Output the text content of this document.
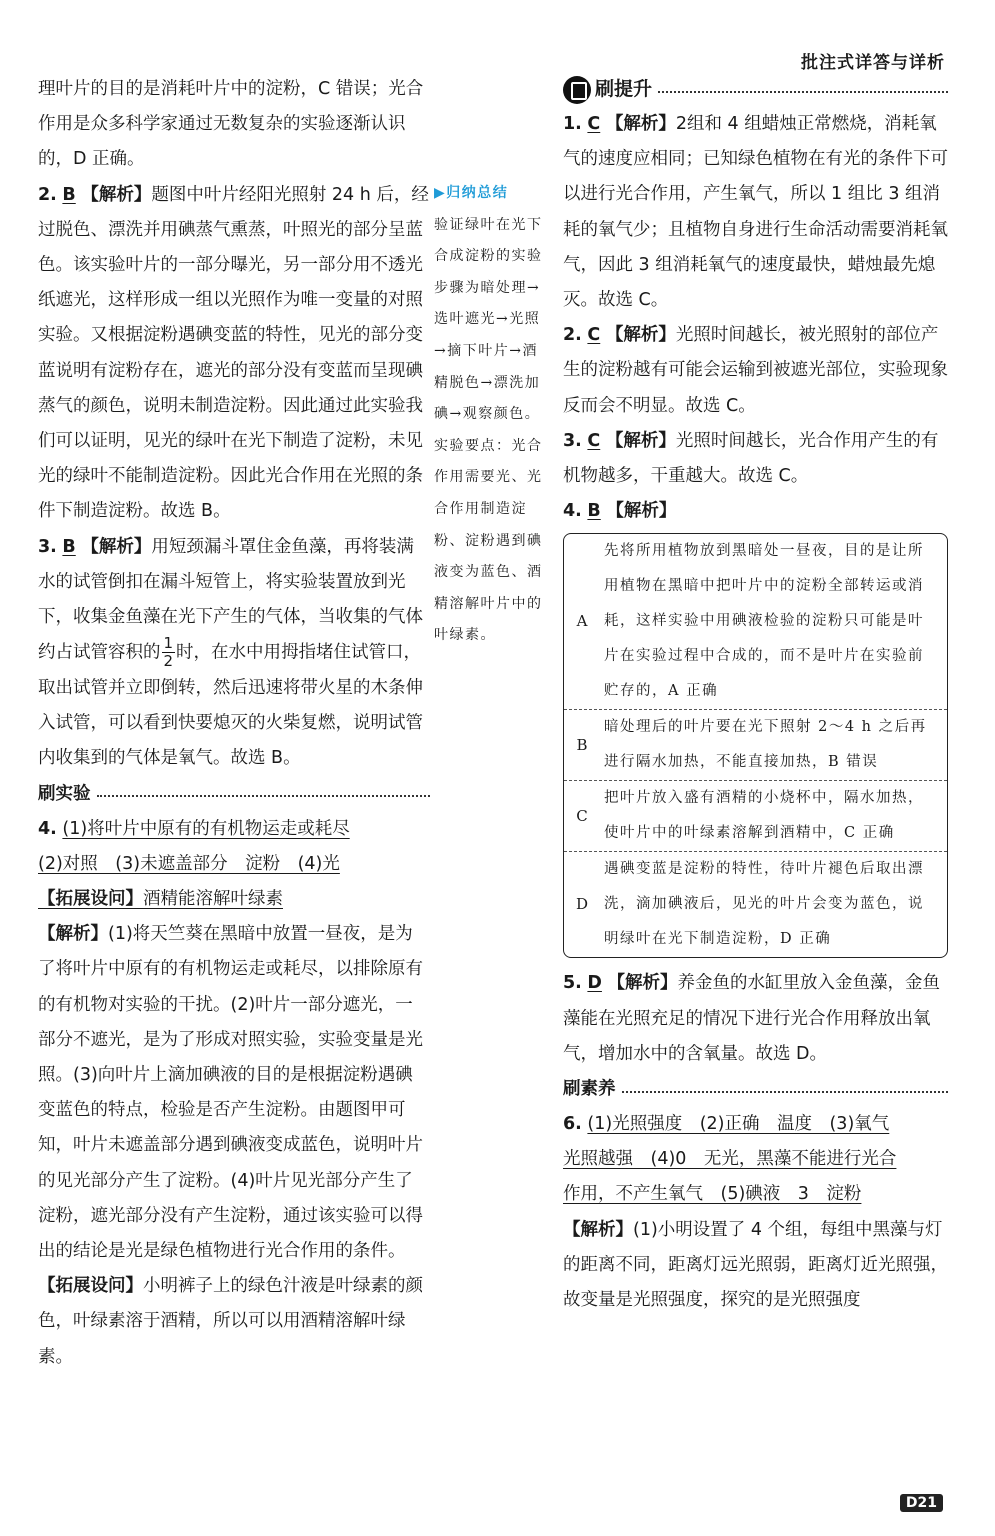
批注式详答与详析

理叶片的目的是消耗叶片中的淀粉，C 错误；光合作用是众多科学家通过无数复杂的实验逐渐认识的，D 正确。

2. B 【解析】题图中叶片经阳光照射 24 h 后，经过脱色、漂洗并用碘蒸气熏蒸，叶照光的部分呈蓝色。该实验叶片的一部分曝光，另一部分用不透光纸遮光，这样形成一组以光照作为唯一变量的对照实验。又根据淀粉遇碘变蓝的特性，见光的部分变蓝说明有淀粉存在，遮光的部分没有变蓝而呈现碘蒸气的颜色，说明未制造淀粉。因此通过此实验我们可以证明，见光的绿叶在光下制造了淀粉，未见光的绿叶不能制造淀粉。因此光合作用在光照的条件下制造淀粉。故选 B。

3. B 【解析】用短颈漏斗罩住金鱼藻，再将装满水的试管倒扣在漏斗短管上，将实验装置放到光下，收集金鱼藻在光下产生的气体，当收集的气体约占试管容积的 $\frac{1}{2}$ 时，在水中用拇指堵住试管口，取出试管并立即倒转，然后迅速将带火星的木条伸入试管，可以看到快要熄灭的火柴复燃，说明试管内收集到的气体是氧气。故选 B。

刷实验

4. (1)将叶片中原有的有机物运走或耗尽
(2)对照　(3)未遮盖部分　淀粉　(4)光
【拓展设问】酒精能溶解叶绿素
【解析】(1)将天竺葵在黑暗中放置一昼夜，是为了将叶片中原有的有机物运走或耗尽，以排除原有的有机物对实验的干扰。(2)叶片一部分遮光，一部分不遮光，是为了形成对照实验，实验变量是光照。(3)向叶片上滴加碘液的目的是根据淀粉遇碘变蓝色的特点，检验是否产生淀粉。由题图甲可知，叶片未遮盖部分遇到碘液变成蓝色，说明叶片的见光部分产生了淀粉。(4)叶片见光部分产生了淀粉，遮光部分没有产生淀粉，通过该实验可以得出的结论是光是绿色植物进行光合作用的条件。【拓展设问】小明裤子上的绿色汁液是叶绿素的颜色，叶绿素溶于酒精，所以可以用酒精溶解叶绿素。

▶归纳总结
验证绿叶在光下合成淀粉的实验步骤为暗处理→选叶遮光→光照→摘下叶片→酒精脱色→漂洗加碘→观察颜色。实验要点：光合作用需要光、光合作用制造淀粉、淀粉遇到碘液变为蓝色、酒精溶解叶片中的叶绿素。
刷提升

1. C 【解析】2组和 4 组蜡烛正常燃烧，消耗氧气的速度应相同；已知绿色植物在有光的条件下可以进行光合作用，产生氧气，所以 1 组比 3 组消耗的氧气少；且植物自身进行生命活动需要消耗氧气，因此 3 组消耗氧气的速度最快，蜡烛最先熄灭。故选 C。

2. C 【解析】光照时间越长，被光照射的部位产生的淀粉越有可能会运输到被遮光部位，实验现象反而会不明显。故选 C。

3. C 【解析】光照时间越长，光合作用产生的有机物越多，干重越大。故选 C。

4. B 【解析】

A
先将所用植物放到黑暗处一昼夜，目的是让所用植物在黑暗中把叶片中的淀粉全部转运或消耗，这样实验中用碘液检验的淀粉只可能是叶片在实验过程中合成的，而不是叶片在实验前贮存的，A 正确
B
暗处理后的叶片要在光下照射 2～4 h 之后再进行隔水加热，不能直接加热，B 错误
C
把叶片放入盛有酒精的小烧杯中，隔水加热，使叶片中的叶绿素溶解到酒精中，C 正确
D
遇碘变蓝是淀粉的特性，待叶片褪色后取出漂洗，滴加碘液后，见光的叶片会变为蓝色，说明绿叶在光下制造淀粉，D 正确

5. D 【解析】养金鱼的水缸里放入金鱼藻，金鱼藻能在光照充足的情况下进行光合作用释放出氧气，增加水中的含氧量。故选 D。

刷素养

6. (1)光照强度　(2)正确　温度　(3)氧气
光照越强　(4)0　无光，黑藻不能进行光合
作用，不产生氧气　(5)碘液　3　淀粉
【解析】(1)小明设置了 4 个组，每组中黑藻与灯的距离不同，距离灯远光照弱，距离灯近光照强，故变量是光照强度，探究的是光照强度

D21
